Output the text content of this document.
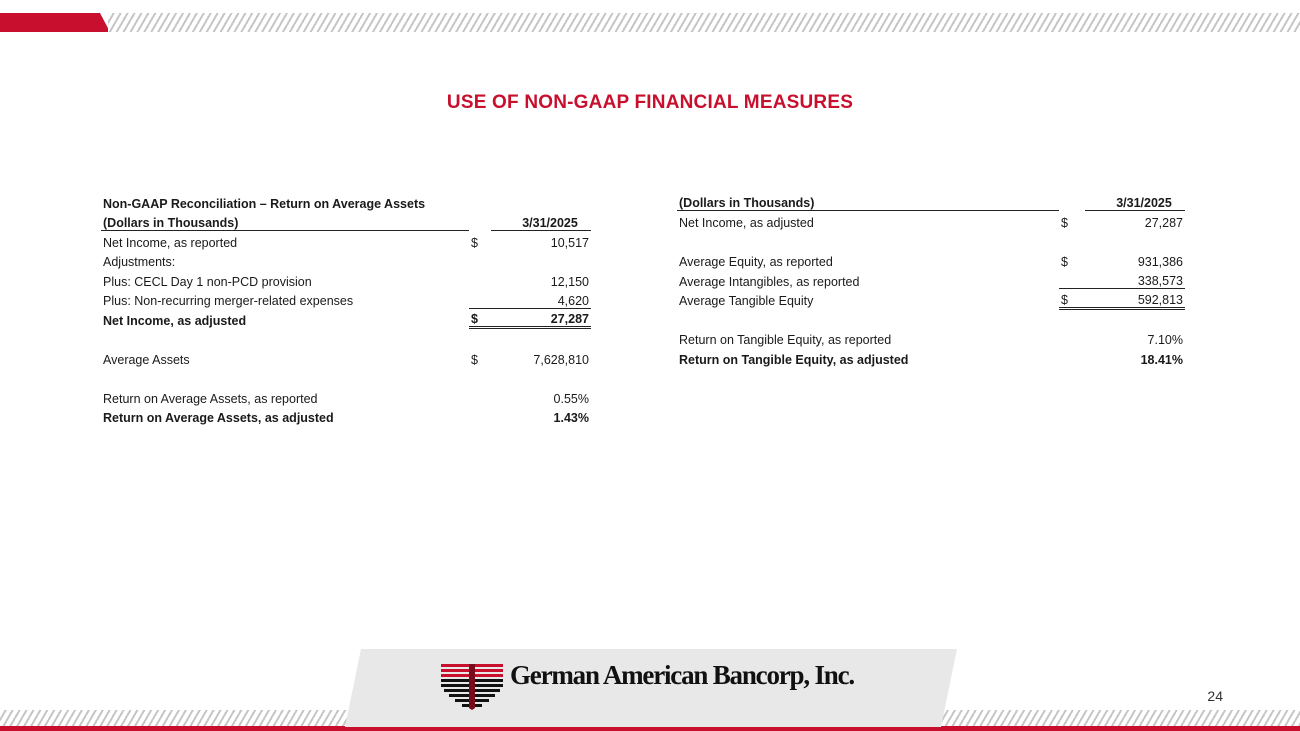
USE OF NON-GAAP FINANCIAL MEASURES
Non-GAAP Reconciliation – Return on Average Assets		
(Dollars in Thousands)		3/31/2025
Net Income, as reported	$	10,517
Adjustments:		
Plus: CECL Day 1 non-PCD provision		12,150
Plus: Non-recurring merger-related expenses		4,620
Net Income, as adjusted	$	27,287

Average Assets	$	7,628,810

Return on Average Assets, as reported		0.55%
Return on Average Assets, as adjusted		1.43%
(Dollars in Thousands)		3/31/2025
Net Income, as adjusted	$	27,287

Average Equity, as reported	$	931,386
Average Intangibles, as reported		338,573
Average Tangible Equity	$	592,813

Return on Tangible Equity, as reported		7.10%
Return on Tangible Equity, as adjusted		18.41%
German American Bancorp, Inc.
24
